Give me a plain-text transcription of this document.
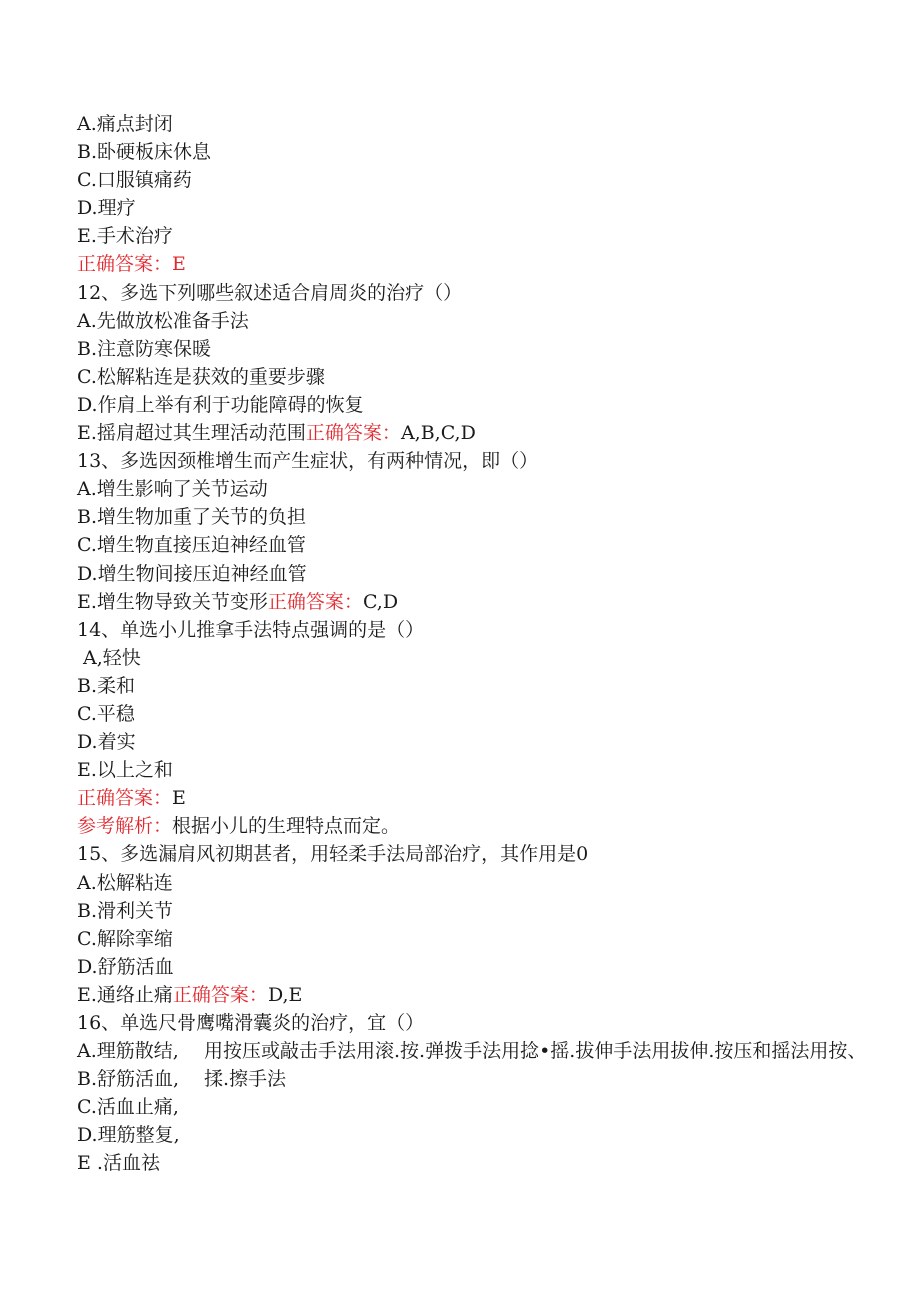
A.痛点封闭
B.卧硬板床休息
C.口服镇痛药
D.理疗
E.手术治疗
正确答案：E
12、多选下列哪些叙述适合肩周炎的治疗（）
A.先做放松准备手法
B.注意防寒保暖
C.松解粘连是获效的重要步骤
D.作肩上举有利于功能障碍的恢复
E.摇肩超过其生理活动范围正确答案：A,B,C,D
13、多选因颈椎增生而产生症状，有两种情况，即（）
A.增生影响了关节运动
B.增生物加重了关节的负担
C.增生物直接压迫神经血管
D.增生物间接压迫神经血管
E.增生物导致关节变形正确答案：C,D
14、单选小儿推拿手法特点强调的是（）
A,轻快
B.柔和
C.平稳
D.着实
E.以上之和
正确答案：E
参考解析：根据小儿的生理特点而定。
15、多选漏肩风初期甚者，用轻柔手法局部治疗，其作用是0
A.松解粘连
B.滑利关节
C.解除挛缩
D.舒筋活血
E.通络止痛正确答案：D,E
16、单选尺骨鹰嘴滑囊炎的治疗，宜（）
A.理筋散结,
B.舒筋活血,
C.活血止痛,
D.理筋整复,
E .活血祛
用按压或敲击手法用滚.按.弹拨手法用捻•摇.拔伸手法用拔伸.按压和摇法用按、揉.擦手法
